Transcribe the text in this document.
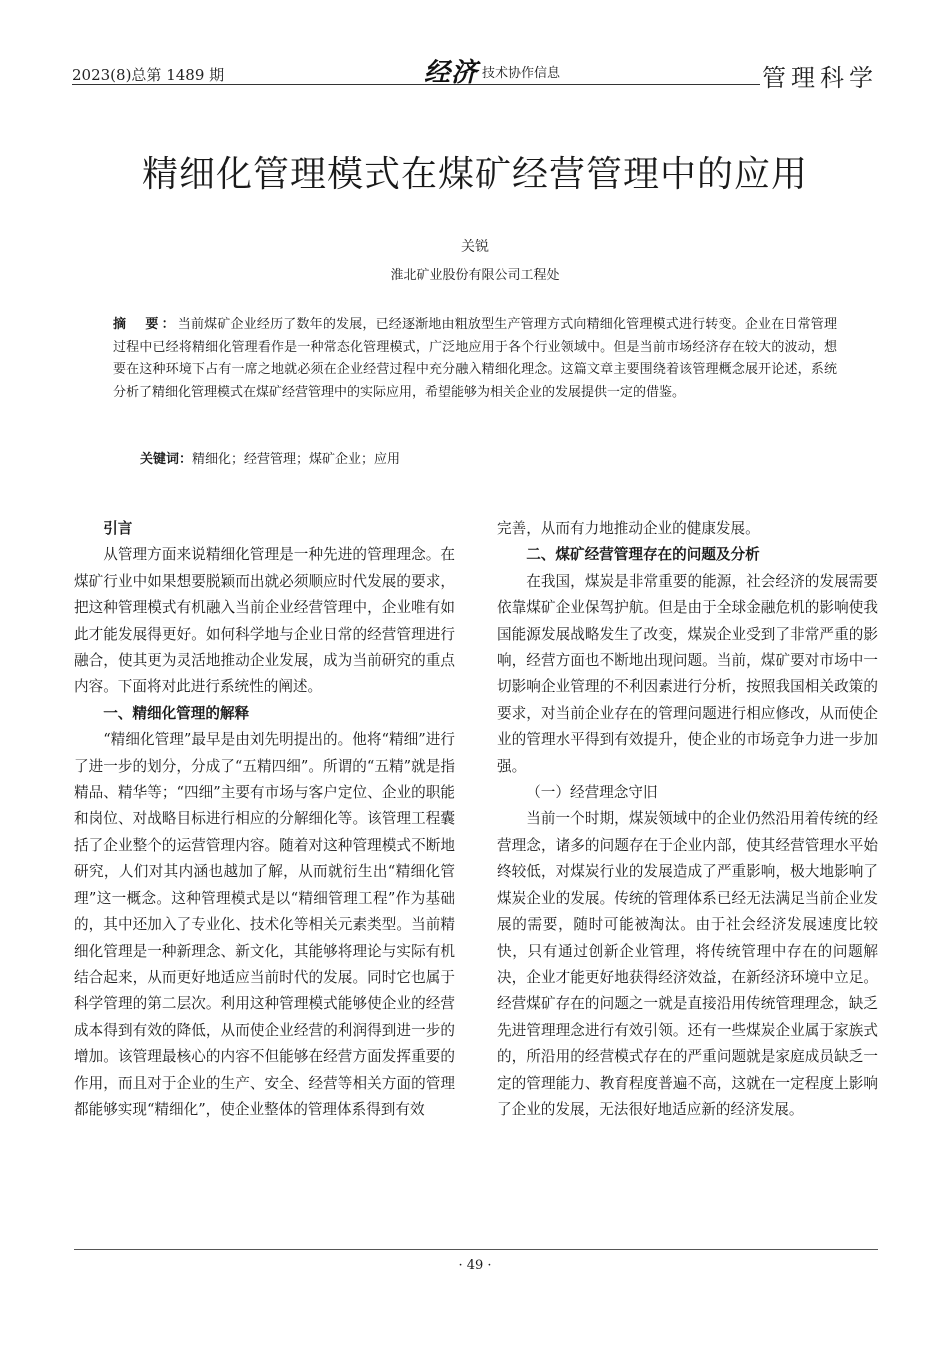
2023(8)总第 1489 期	经济 $^{技术协作信息}$	管理科学
精细化管理模式在煤矿经营管理中的应用

关锐

淮北矿业股份有限公司工程处

摘　要：当前煤矿企业经历了数年的发展，已经逐渐地由粗放型生产管理方式向精细化管理模式进行转变。企业在日常管理过程中已经将精细化管理看作是一种常态化管理模式，广泛地应用于各个行业领域中。但是当前市场经济存在较大的波动，想要在这种环境下占有一席之地就必须在企业经营过程中充分融入精细化理念。这篇文章主要围绕着该管理概念展开论述，系统分析了精细化管理模式在煤矿经营管理中的实际应用，希望能够为相关企业的发展提供一定的借鉴。

关键词：精细化；经营管理；煤矿企业；应用

引言

从管理方面来说精细化管理是一种先进的管理理念。在煤矿行业中如果想要脱颖而出就必须顺应时代发展的要求，把这种管理模式有机融入当前企业经营管理中，企业唯有如此才能发展得更好。如何科学地与企业日常的经营管理进行融合，使其更为灵活地推动企业发展，成为当前研究的重点内容。下面将对此进行系统性的阐述。

一、精细化管理的解释

“精细化管理”最早是由刘先明提出的。他将“精细”进行了进一步的划分，分成了“五精四细”。所谓的“五精”就是指精品、精华等；“四细”主要有市场与客户定位、企业的职能和岗位、对战略目标进行相应的分解细化等。该管理工程囊括了企业整个的运营管理内容。随着对这种管理模式不断地研究，人们对其内涵也越加了解，从而就衍生出“精细化管理”这一概念。这种管理模式是以“精细管理工程”作为基础的，其中还加入了专业化、技术化等相关元素类型。当前精细化管理是一种新理念、新文化，其能够将理论与实际有机结合起来，从而更好地适应当前时代的发展。同时它也属于科学管理的第二层次。利用这种管理模式能够使企业的经营成本得到有效的降低，从而使企业经营的利润得到进一步的增加。该管理最核心的内容不但能够在经营方面发挥重要的作用，而且对于企业的生产、安全、经营等相关方面的管理都能够实现“精细化”，使企业整体的管理体系得到有效

完善，从而有力地推动企业的健康发展。

二、煤矿经营管理存在的问题及分析

在我国，煤炭是非常重要的能源，社会经济的发展需要依靠煤矿企业保驾护航。但是由于全球金融危机的影响使我国能源发展战略发生了改变，煤炭企业受到了非常严重的影响，经营方面也不断地出现问题。当前，煤矿要对市场中一切影响企业管理的不利因素进行分析，按照我国相关政策的要求，对当前企业存在的管理问题进行相应修改，从而使企业的管理水平得到有效提升，使企业的市场竞争力进一步加强。

（一）经营理念守旧

当前一个时期，煤炭领域中的企业仍然沿用着传统的经营理念，诸多的问题存在于企业内部，使其经营管理水平始终较低，对煤炭行业的发展造成了严重影响，极大地影响了煤炭企业的发展。传统的管理体系已经无法满足当前企业发展的需要，随时可能被淘汰。由于社会经济发展速度比较快，只有通过创新企业管理，将传统管理中存在的问题解决，企业才能更好地获得经济效益，在新经济环境中立足。经营煤矿存在的问题之一就是直接沿用传统管理理念，缺乏先进管理理念进行有效引领。还有一些煤炭企业属于家族式的，所沿用的经营模式存在的严重问题就是家庭成员缺乏一定的管理能力、教育程度普遍不高，这就在一定程度上影响了企业的发展，无法很好地适应新的经济发展。

· 49 ·
